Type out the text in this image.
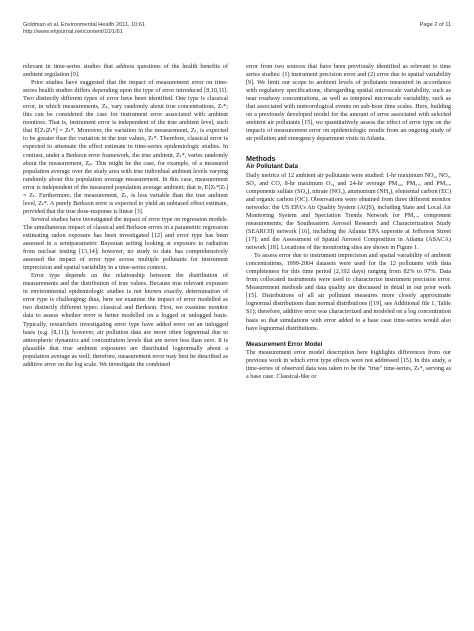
Goldman et al. Environmental Health 2011, 10:61
http://www.ehjournal.net/content/10/1/61
Page 2 of 11

relevant in time-series studies that address questions of the health benefits of ambient regulation [9].

Prior studies have suggested that the impact of measurement error on time-series health studies differs depending upon the type of error introduced [8,10,11]. Two distinctly different types of error have been identified. One type is classical error, in which measurements, Zₜ, vary randomly about true concentrations, Zₜ*; this can be considered the case for instrument error associated with ambient monitors. That is, instrument error is independent of the true ambient level, such that E[Zₜ|Zₜ*] = Zₜ*. Moreover, the variation in the measurement, Zₜ, is expected to be greater than the variation in the true values, Zₜ*. Therefore, classical error is expected to attenuate the effect estimate in time-series epidemiologic studies. In contrast, under a Berkson error framework, the true ambient, Zₜ*, varies randomly about the measurement, Zₚ. This might be the case, for example, of a measured population average over the study area with true individual ambient levels varying randomly about this population average measurement. In this case, measurement error is independent of the measured population average ambient; that is, E[Zₜ*|Zₜ] = Zₜ. Furthermore, the measurement, Zₜ, is less variable than the true ambient level, Zₜ*. A purely Berkson error is expected to yield an unbiased effect estimate, provided that the true dose-response is linear [3].

Several studies have investigated the impact of error type on regression models. The simultaneous impact of classical and Berkson errors in a parametric regression estimating radon exposure has been investigated [12] and error type has been assessed in a semiparametric Bayesian setting looking at exposure to radiation from nuclear testing [13,14]; however, no study to date has comprehensively assessed the impact of error type across multiple pollutants for instrument imprecision and spatial variability in a time-series context.

Error type depends on the relationship between the distribution of measurements and the distribution of true values. Because true relevant exposure in environmental epidemiologic studies is not known exactly, determination of error type is challenging; thus, here we examine the impact of error modelled as two distinctly different types: classical and Berkson. First, we examine monitor data to assess whether error is better modelled on a logged or unlogged basis. Typically, researchers investigating error type have added error on an unlogged basis (e.g. [8,11]); however, air pollution data are more often lognormal due to atmospheric dynamics and concentration levels that are never less than zero. It is plausible that true ambient exposures are distributed lognormally about a population average as well; therefore, measurement error may best be described as additive error on the log scale. We investigate the combined

error from two sources that have been previously identified as relevant to time series studies: (1) instrument precision error and (2) error due to spatial variability [9]. We limit our scope to ambient levels of pollutants measured in accordance with regulatory specifications, disregarding spatial microscale variability, such as near roadway concentrations, as well as temporal microscale variability, such as that associated with meteorological events on sub-hour time scales. Here, building on a previously developed model for the amount of error associated with selected ambient air pollutants [15], we quantitatively assess the effect of error type on the impacts of measurement error on epidemiologic results from an ongoing study of air pollution and emergency department visits in Atlanta.

Methods
Air Pollutant Data

Daily metrics of 12 ambient air pollutants were studied: 1-hr maximum NO₂, NOₓ, SO₂ and CO, 8-hr maximum O₃, and 24-hr average PM₁₀, PM₂.₅ and PM₂.₅ components sulfate (SO₄), nitrate (NO₃), ammonium (NH₄), elemental carbon (EC) and organic carbon (OC). Observations were obtained from three different monitor networks: the US EPA's Air Quality System (AQS), including State and Local Air Monitoring System and Speciation Trends Network for PM₂.₅ component measurements; the Southeastern Aerosol Research and Characterization Study (SEARCH) network [16], including the Atlanta EPA supersite at Jefferson Street [17]; and the Assessment of Spatial Aerosol Composition in Atlanta (ASACA) network [18]. Locations of the monitoring sites are shown in Figure 1.

To assess error due to instrument imprecision and spatial variability of ambient concentrations, 1999-2004 datasets were used for the 12 pollutants with data completeness for this time period (2,192 days) ranging from 82% to 97%. Data from collocated instruments were used to characterize instrument precision error. Measurement methods and data quality are discussed in detail in our prior work [15]. Distributions of all air pollutant measures more closely approximate lognormal distributions than normal distributions ([19], see Additional file 1, Table S1); therefore, additive error was characterized and modeled on a log concentration basis so that simulations with error added to a base case time-series would also have lognormal distributions.

Measurement Error Model

The measurement error model description here highlights differences from our previous work in which error type effects were not addressed [15]. In this study, a time-series of observed data was taken to be the "true" time-series, Zₜ*, serving as a base case. Classical-like or
